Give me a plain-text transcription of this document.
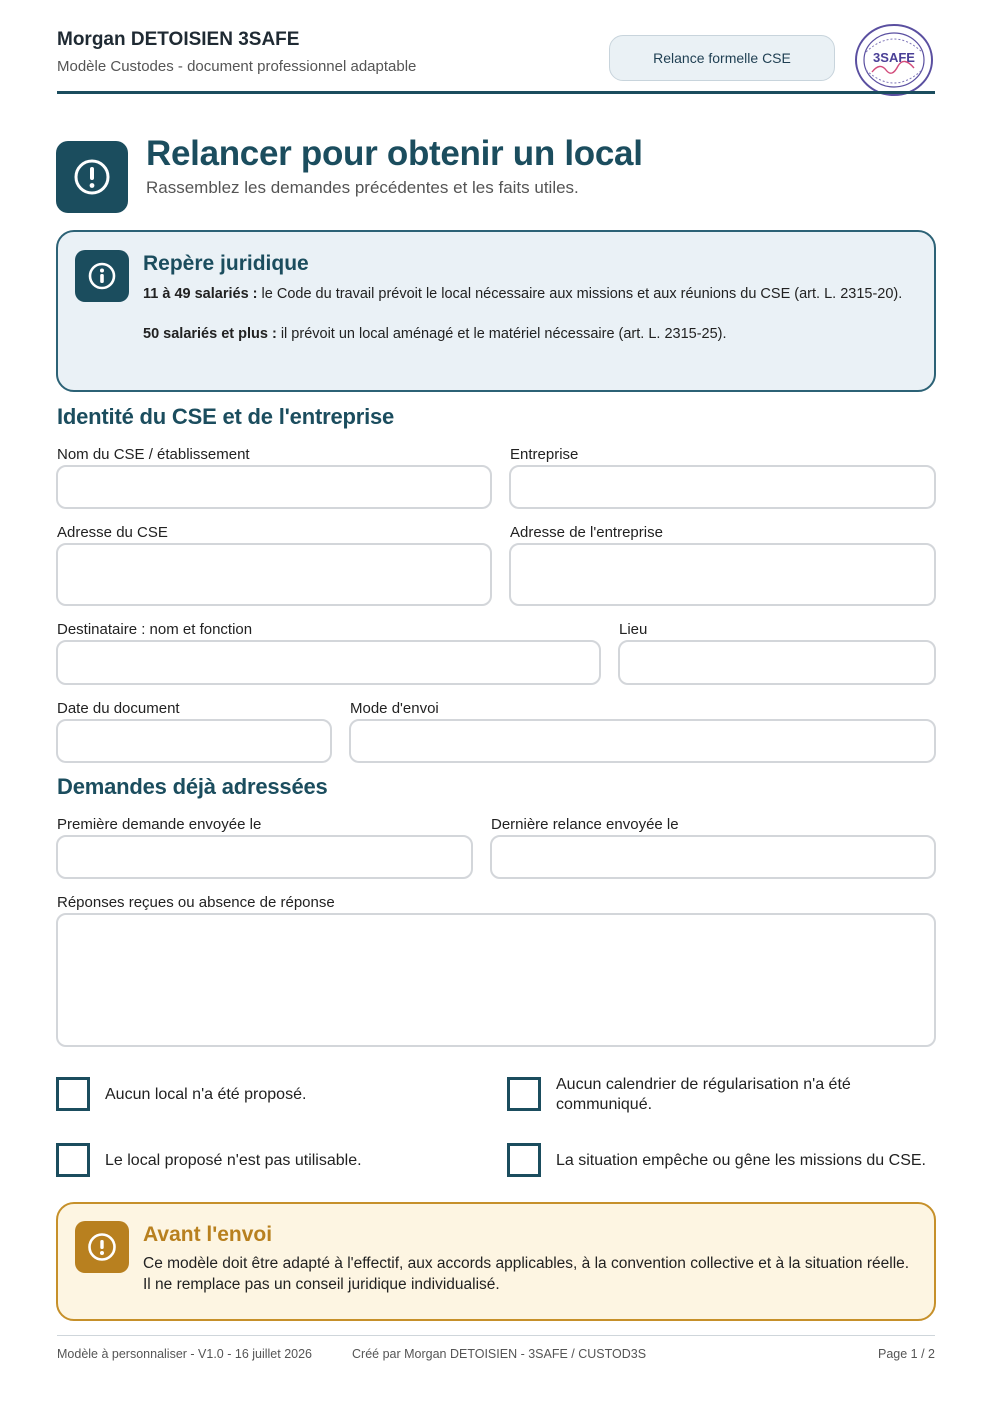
Morgan DETOISIEN 3SAFE
Modèle Custodes - document professionnel adaptable	Relance formelle CSE	3SAFE
Relancer pour obtenir un local
Rassemblez les demandes précédentes et les faits utiles.
Repère juridique
11 à 49 salariés : le Code du travail prévoit le local nécessaire aux missions et aux réunions du CSE (art. L. 2315-20).
50 salariés et plus : il prévoit un local aménagé et le matériel nécessaire (art. L. 2315-25).
Identité du CSE et de l'entreprise
Nom du CSE / établissement	Entreprise
Adresse du CSE	Adresse de l'entreprise
Destinataire : nom et fonction	Lieu
Date du document	Mode d'envoi
Demandes déjà adressées
Première demande envoyée le	Dernière relance envoyée le
Réponses reçues ou absence de réponse
Aucun local n'a été proposé.
Aucun calendrier de régularisation n'a été communiqué.
Le local proposé n'est pas utilisable.	La situation empêche ou gêne les missions du CSE.
Avant l'envoi
Ce modèle doit être adapté à l'effectif, aux accords applicables, à la convention collective et à la situation réelle. Il ne remplace pas un conseil juridique individualisé.
Modèle à personnaliser - V1.0 - 16 juillet 2026	Créé par Morgan DETOISIEN - 3SAFE / CUSTOD3S	Page 1 / 2
